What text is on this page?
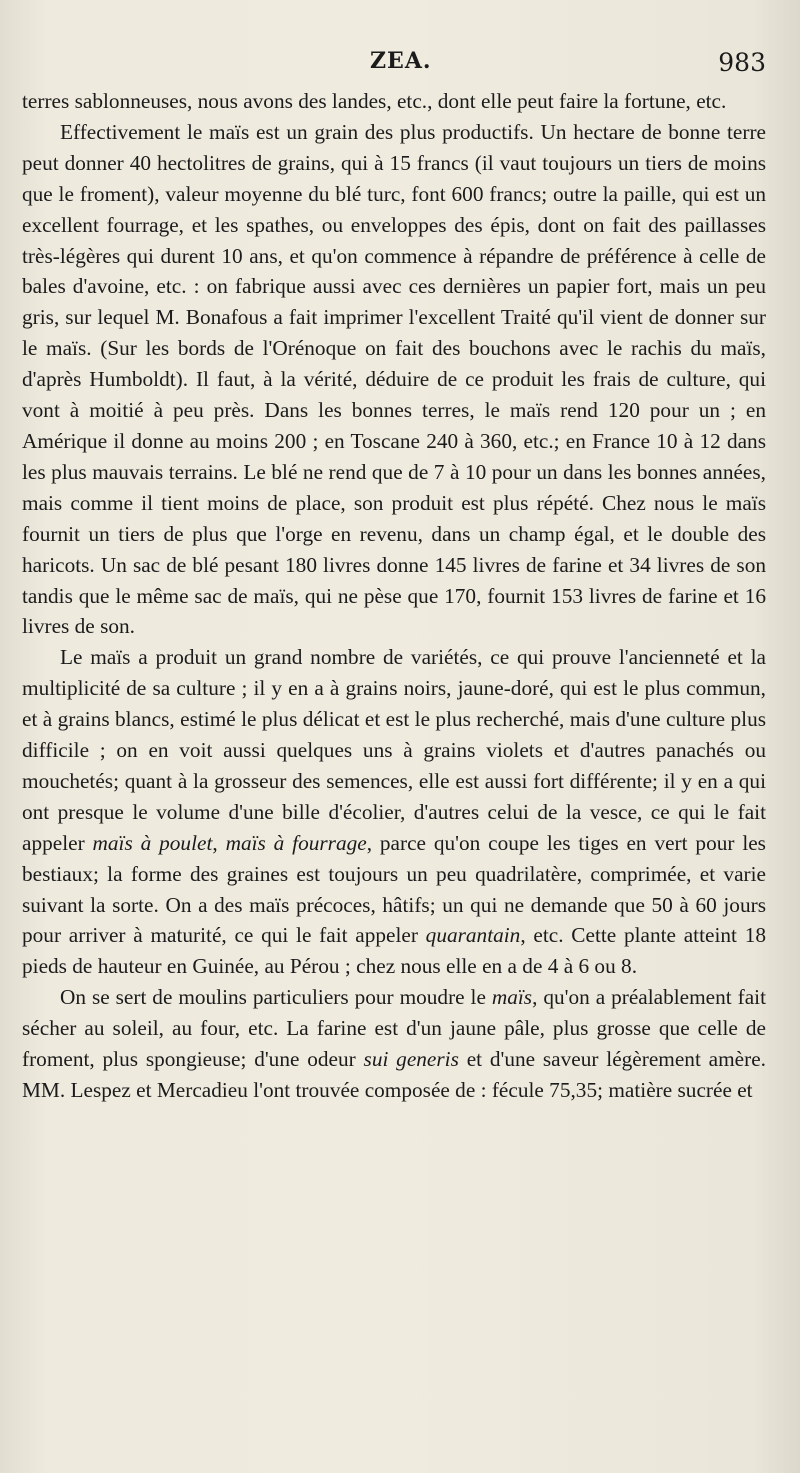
ZEA.	983

terres sablonneuses, nous avons des landes, etc., dont elle peut faire la fortune, etc.

Effectivement le maïs est un grain des plus productifs. Un hectare de bonne terre peut donner 40 hectolitres de grains, qui à 15 francs (il vaut toujours un tiers de moins que le froment), valeur moyenne du blé turc, font 600 francs; outre la paille, qui est un excellent fourrage, et les spathes, ou enveloppes des épis, dont on fait des paillasses très-légères qui durent 10 ans, et qu'on commence à répandre de préférence à celle de bales d'avoine, etc. : on fabrique aussi avec ces dernières un papier fort, mais un peu gris, sur lequel M. Bonafous a fait imprimer l'excellent Traité qu'il vient de donner sur le maïs. (Sur les bords de l'Orénoque on fait des bouchons avec le rachis du maïs, d'après Humboldt). Il faut, à la vérité, déduire de ce produit les frais de culture, qui vont à moitié à peu près. Dans les bonnes terres, le maïs rend 120 pour un ; en Amérique il donne au moins 200 ; en Toscane 240 à 360, etc.; en France 10 à 12 dans les plus mauvais terrains. Le blé ne rend que de 7 à 10 pour un dans les bonnes années, mais comme il tient moins de place, son produit est plus répété. Chez nous le maïs fournit un tiers de plus que l'orge en revenu, dans un champ égal, et le double des haricots. Un sac de blé pesant 180 livres donne 145 livres de farine et 34 livres de son tandis que le même sac de maïs, qui ne pèse que 170, fournit 153 livres de farine et 16 livres de son.

Le maïs a produit un grand nombre de variétés, ce qui prouve l'ancienneté et la multiplicité de sa culture ; il y en a à grains noirs, jaune-doré, qui est le plus commun, et à grains blancs, estimé le plus délicat et est le plus recherché, mais d'une culture plus difficile ; on en voit aussi quelques uns à grains violets et d'autres panachés ou mouchetés; quant à la grosseur des semences, elle est aussi fort différente; il y en a qui ont presque le volume d'une bille d'écolier, d'autres celui de la vesce, ce qui le fait appeler maïs à poulet, maïs à fourrage, parce qu'on coupe les tiges en vert pour les bestiaux; la forme des graines est toujours un peu quadrilatère, comprimée, et varie suivant la sorte. On a des maïs précoces, hâtifs; un qui ne demande que 50 à 60 jours pour arriver à maturité, ce qui le fait appeler quarantain, etc. Cette plante atteint 18 pieds de hauteur en Guinée, au Pérou ; chez nous elle en a de 4 à 6 ou 8.

On se sert de moulins particuliers pour moudre le maïs, qu'on a préalablement fait sécher au soleil, au four, etc. La farine est d'un jaune pâle, plus grosse que celle de froment, plus spongieuse; d'une odeur sui generis et d'une saveur légèrement amère. MM. Lespez et Mercadieu l'ont trouvée composée de : fécule 75,35; matière sucrée et
